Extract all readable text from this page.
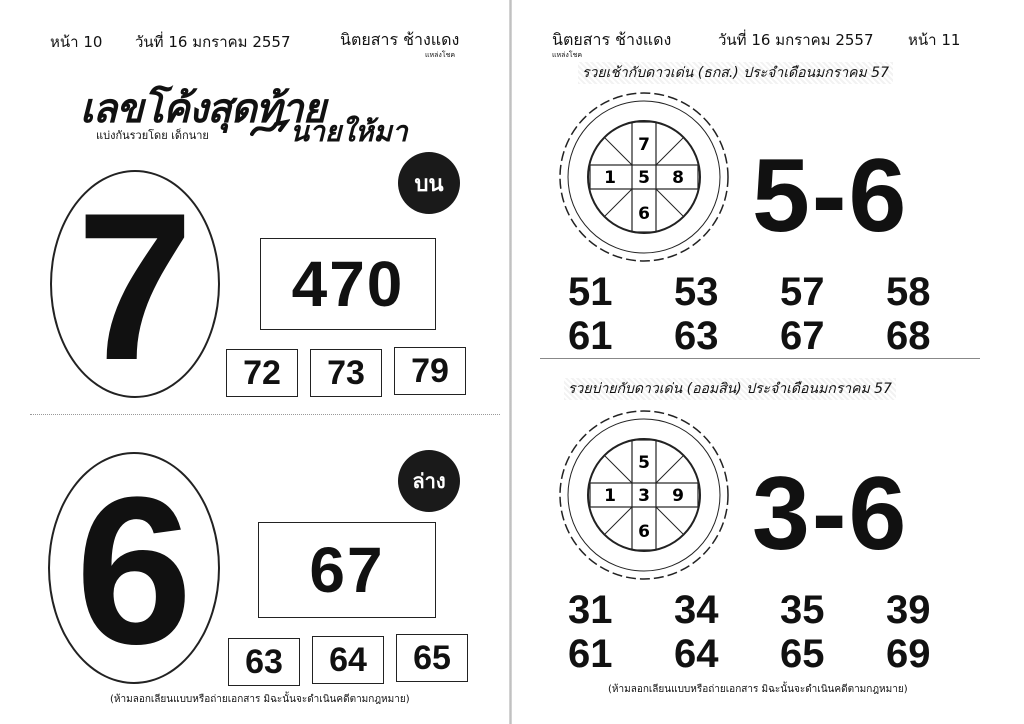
หน้า 10 วันที่ 16 มกราคม 2557	นิตยสาร ช้างแดง
แหล่งโชค
เลขโค้งสุดท้าย
แบ่งกันรวยโดย เด็กนาย	นายให้มา
7	บน
470
72	73	79
6	ล่าง
67
63	64	65
(ห้ามลอกเลียนแบบหรือถ่ายเอกสาร มิฉะนั้นจะดำเนินคดีตามกฎหมาย)
นิตยสาร ช้างแดง
แหล่งโชค
วันที่ 16 มกราคม 2557 หน้า 11
รวยเช้ากับดาวเด่น (ธกส.) ประจำเดือนมกราคม 57
7
1 5 8
6 5-6
51	53	57	58
61	63	67	68
รวยบ่ายกับดาวเด่น (ออมสิน) ประจำเดือนมกราคม 57
5
1 3 9
6 3-6
31	34	35	39
61	64	65	69
(ห้ามลอกเลียนแบบหรือถ่ายเอกสาร มิฉะนั้นจะดำเนินคดีตามกฎหมาย)
